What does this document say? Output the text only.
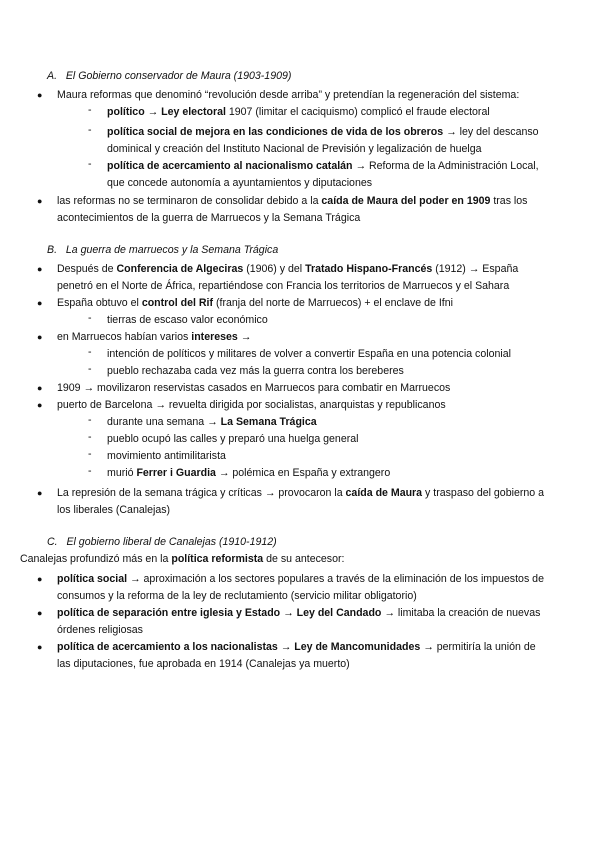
A. El Gobierno conservador de Maura (1903-1909)
● Maura reformas que denominó “revolución desde arriba” y pretendían la regeneración del sistema:
- político → Ley electoral 1907 (limitar el caciquismo) complicó el fraude electoral
- política social de mejora en las condiciones de vida de los obreros → ley del descanso
dominical y creación del Instituto Nacional de Previsión y legalización de huelga
- política de acercamiento al nacionalismo catalán → Reforma de la Administración Local,
que concede autonomía a ayuntamientos y diputaciones
● las reformas no se terminaron de consolidar debido a la caída de Maura del poder en 1909 tras los
acontecimientos de la guerra de Marruecos y la Semana Trágica
B. La guerra de marruecos y la Semana Trágica
● Después de Conferencia de Algeciras (1906) y del Tratado Hispano-Francés (1912) → España
penetró en el Norte de África, repartiéndose con Francia los territorios de Marruecos y el Sahara
● España obtuvo el control del Rif (franja del norte de Marruecos) + el enclave de Ifni
- tierras de escaso valor económico
● en Marruecos habían varios intereses →
- intención de políticos y militares de volver a convertir España en una potencia colonial
- pueblo rechazaba cada vez más la guerra contra los bereberes
● 1909 → movilizaron reservistas casados en Marruecos para combatir en Marruecos
● puerto de Barcelona → revuelta dirigida por socialistas, anarquistas y republicanos
- durante una semana → La Semana Trágica
- pueblo ocupó las calles y preparó una huelga general
- movimiento antimilitarista
- murió Ferrer i Guardia → polémica en España y extrangero
● La represión de la semana trágica y críticas → provocaron la caída de Maura y traspaso del gobierno a
los liberales (Canalejas)
C. El gobierno liberal de Canalejas (1910-1912)
Canalejas profundizó más en la política reformista de su antecesor:
● política social → aproximación a los sectores populares a través de la eliminación de los impuestos de
consumos y la reforma de la ley de reclutamiento (servicio militar obligatorio)
● política de separación entre iglesia y Estado → Ley del Candado → limitaba la creación de nuevas
órdenes religiosas
● política de acercamiento a los nacionalistas → Ley de Mancomunidades → permitiría la unión de
las diputaciones, fue aprobada en 1914 (Canalejas ya muerto)
